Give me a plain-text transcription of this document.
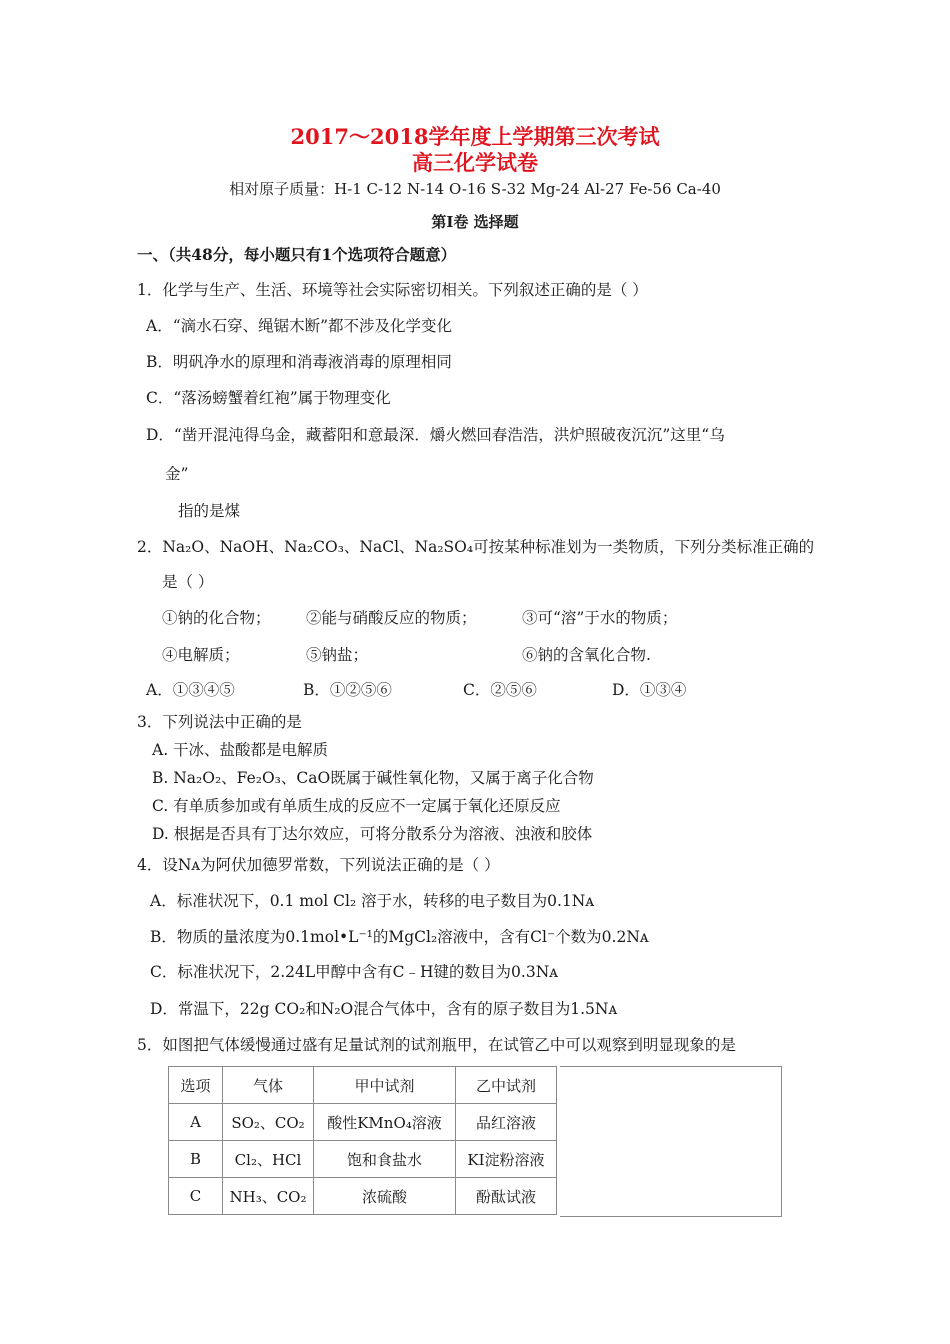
2017～2018学年度上学期第三次考试
高三化学试卷
相对原子质量：H-1 C-12 N-14 O-16 S-32 Mg-24 Al-27 Fe-56 Ca-40
第Ⅰ卷 选择题
一、（共48分，每小题只有1个选项符合题意）
1．化学与生产、生活、环境等社会实际密切相关。下列叙述正确的是（ ）
A．“滴水石穿、绳锯木断”都不涉及化学变化
B．明矾净水的原理和消毒液消毒的原理相同
C．“落汤螃蟹着红袍”属于物理变化
D．“凿开混沌得乌金，藏蓄阳和意最深．爝火燃回春浩浩，洪炉照破夜沉沉”这里“乌
金”
指的是煤
2．Na₂O、NaOH、Na₂CO₃、NaCl、Na₂SO₄可按某种标准划为一类物质，下列分类标准正确的
是（ ）
①钠的化合物； ②能与硝酸反应的物质；	③可“溶”于水的物质；
④电解质；	⑤钠盐；	⑥钠的含氧化合物.
A．①③④⑤	B．①②⑤⑥	C．②⑤⑥	D．①③④
3．下列说法中正确的是
A. 干冰、盐酸都是电解质
B. Na₂O₂、Fe₂O₃、CaO既属于碱性氧化物，又属于离子化合物
C. 有单质参加或有单质生成的反应不一定属于氧化还原反应
D. 根据是否具有丁达尔效应，可将分散系分为溶液、浊液和胶体
4．设Nᴀ为阿伏加德罗常数，下列说法正确的是（ ）
A．标准状况下，0.1 mol Cl₂ 溶于水，转移的电子数目为0.1Nᴀ
B．物质的量浓度为0.1mol•L⁻¹的MgCl₂溶液中，含有Cl⁻个数为0.2Nᴀ
C．标准状况下，2.24L甲醇中含有C﹣H键的数目为0.3Nᴀ
D．常温下，22g CO₂和N₂O混合气体中，含有的原子数目为1.5Nᴀ
5．如图把气体缓慢通过盛有足量试剂的试剂瓶甲，在试管乙中可以观察到明显现象的是
选项	气体	甲中试剂	乙中试剂
A	SO₂、CO₂	酸性KMnO₄溶液	品红溶液
B	Cl₂、HCl	饱和食盐水	KI淀粉溶液
C	NH₃、CO₂	浓硫酸	酚酞试液
